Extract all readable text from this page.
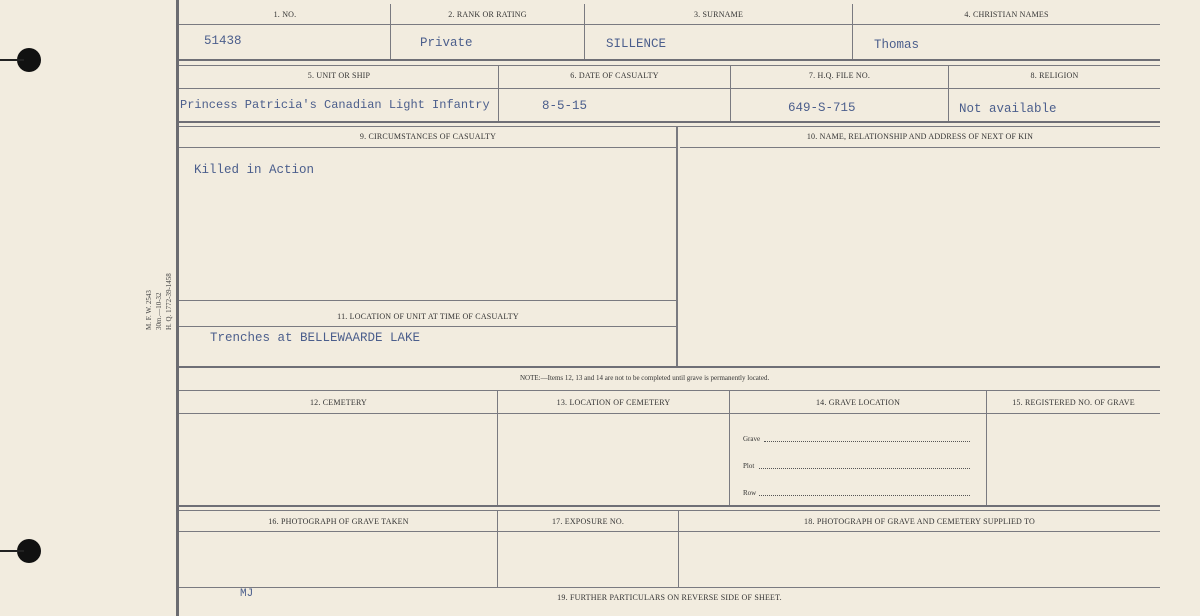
M. F. W. 2543 30m.—10-32 H. Q. 1772-39-1458
1. NO.	2. RANK OR RATING	3. SURNAME	4. CHRISTIAN NAMES
51438	Private	SILLENCE	Thomas
5. UNIT OR SHIP	6. DATE OF CASUALTY	7. H.Q. FILE NO.	8. RELIGION
Princess Patricia's Canadian Light Infantry	8-5-15	649-S-715	Not available
9. CIRCUMSTANCES OF CASUALTY	10. NAME, RELATIONSHIP AND ADDRESS OF NEXT OF KIN
Killed in Action
11. LOCATION OF UNIT AT TIME OF CASUALTY
Trenches at BELLEWAARDE LAKE
NOTE:—Items 12, 13 and 14 are not to be completed until grave is permanently located.
12. CEMETERY	13. LOCATION OF CEMETERY	14. GRAVE LOCATION	15. REGISTERED NO. OF GRAVE
Grave
Plot
Row
16. PHOTOGRAPH OF GRAVE TAKEN	17. EXPOSURE NO.	18. PHOTOGRAPH OF GRAVE AND CEMETERY SUPPLIED TO
MJ	19. FURTHER PARTICULARS ON REVERSE SIDE OF SHEET.
